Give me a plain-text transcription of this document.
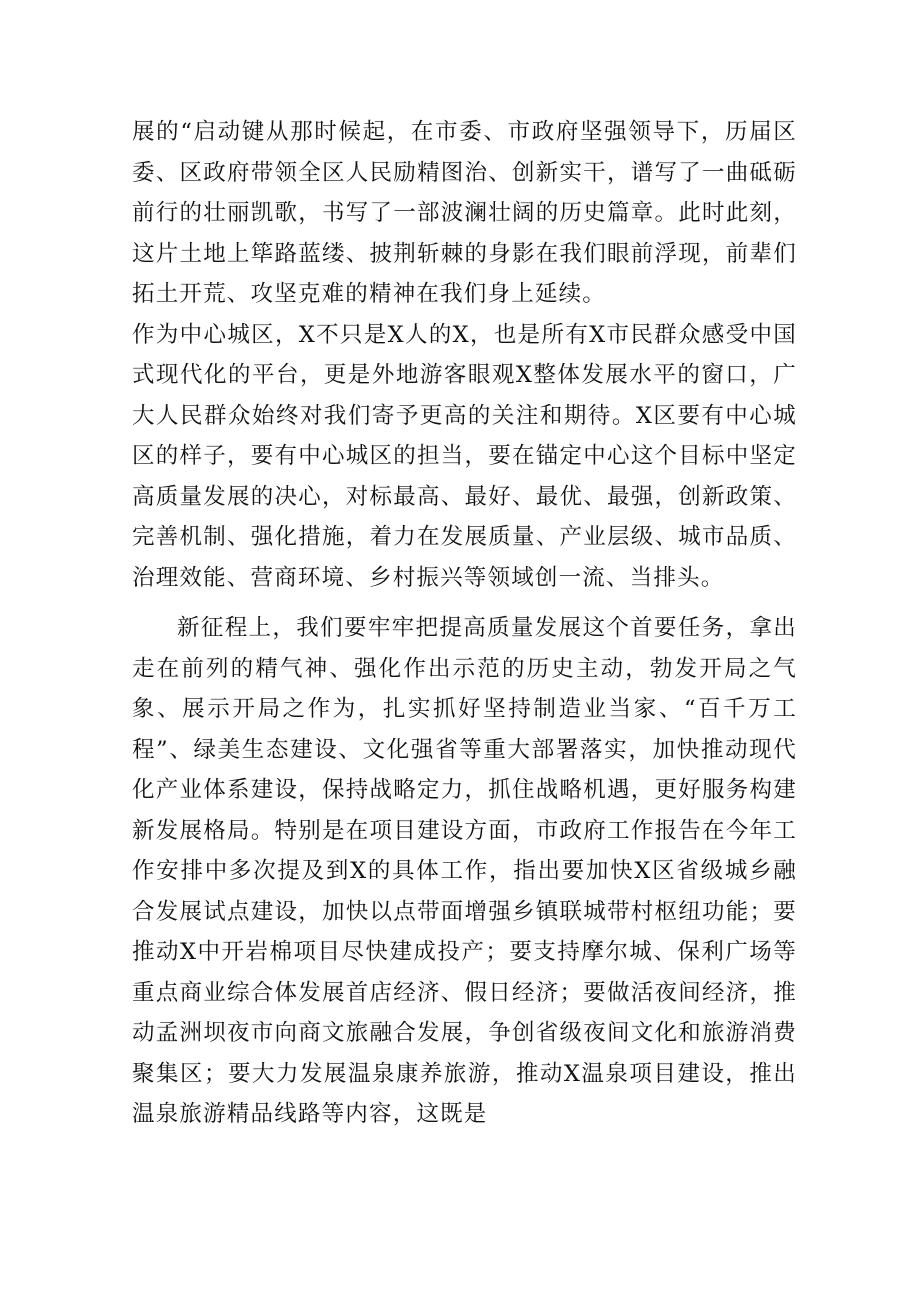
展的“启动键从那时候起，在市委、市政府坚强领导下，历届区委、区政府带领全区人民励精图治、创新实干，谱写了一曲砥砺前行的壮丽凯歌，书写了一部波澜壮阔的历史篇章。此时此刻，这片土地上筚路蓝缕、披荆斩棘的身影在我们眼前浮现，前辈们拓土开荒、攻坚克难的精神在我们身上延续。

作为中心城区，X不只是X人的X，也是所有X市民群众感受中国式现代化的平台，更是外地游客眼观X整体发展水平的窗口，广大人民群众始终对我们寄予更高的关注和期待。X区要有中心城区的样子，要有中心城区的担当，要在锚定中心这个目标中坚定高质量发展的决心，对标最高、最好、最优、最强，创新政策、完善机制、强化措施，着力在发展质量、产业层级、城市品质、治理效能、营商环境、乡村振兴等领域创一流、当排头。

新征程上，我们要牢牢把提高质量发展这个首要任务，拿出走在前列的精气神、强化作出示范的历史主动，勃发开局之气象、展示开局之作为，扎实抓好坚持制造业当家、“百千万工程”、绿美生态建设、文化强省等重大部署落实，加快推动现代化产业体系建设，保持战略定力，抓住战略机遇，更好服务构建新发展格局。特别是在项目建设方面，市政府工作报告在今年工作安排中多次提及到X的具体工作，指出要加快X区省级城乡融合发展试点建设，加快以点带面增强乡镇联城带村枢纽功能；要推动X中开岩棉项目尽快建成投产；要支持摩尔城、保利广场等重点商业综合体发展首店经济、假日经济；要做活夜间经济，推动孟洲坝夜市向商文旅融合发展，争创省级夜间文化和旅游消费聚集区；要大力发展温泉康养旅游，推动X温泉项目建设，推出温泉旅游精品线路等内容，这既是
